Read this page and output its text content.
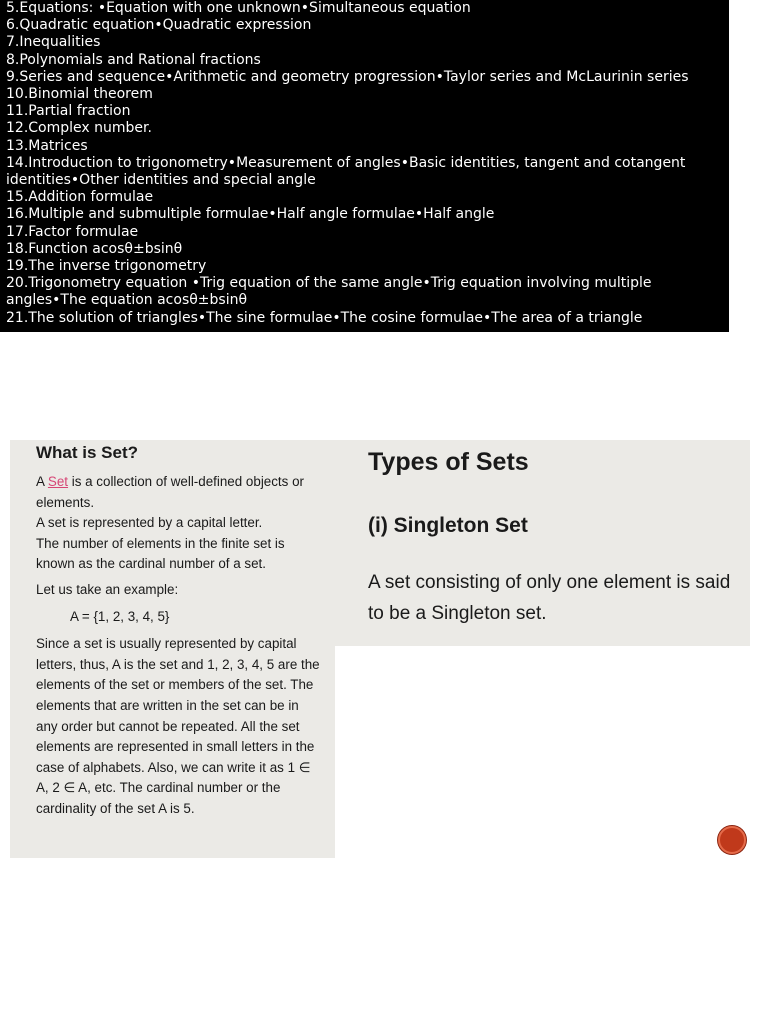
5.Equations: •Equation with one unknown•Simultaneous equation
6.Quadratic equation•Quadratic expression
7.Inequalities
8.Polynomials and Rational fractions
9.Series and sequence•Arithmetic and geometry progression•Taylor series and McLaurinin series
10.Binomial theorem
11.Partial fraction
12.Complex number.
13.Matrices
14.Introduction to trigonometry•Measurement of angles•Basic identities, tangent and cotangent identities•Other identities and special angle
15.Addition formulae
16.Multiple and submultiple formulae•Half angle formulae•Half angle
17.Factor formulae
18.Function acosθ±bsinθ
19.The inverse trigonometry
20.Trigonometry equation •Trig equation of the same angle•Trig equation involving multiple angles•The equation acosθ±bsinθ
21.The solution of triangles•The sine formulae•The cosine formulae•The area of a triangle
What is Set?

A Set is a collection of well-defined objects or elements.

A set is represented by a capital letter.

The number of elements in the finite set is known as the cardinal number of a set.

Let us take an example:

A = {1, 2, 3, 4, 5}

Since a set is usually represented by capital letters, thus, A is the set and 1, 2, 3, 4, 5 are the elements of the set or members of the set. The elements that are written in the set can be in any order but cannot be repeated. All the set elements are represented in small letters in the case of alphabets. Also, we can write it as 1 ∈ A, 2 ∈ A, etc. The cardinal number or the cardinality of the set A is 5.

Types of Sets
(i) Singleton Set

A set consisting of only one element is said to be a Singleton set.
